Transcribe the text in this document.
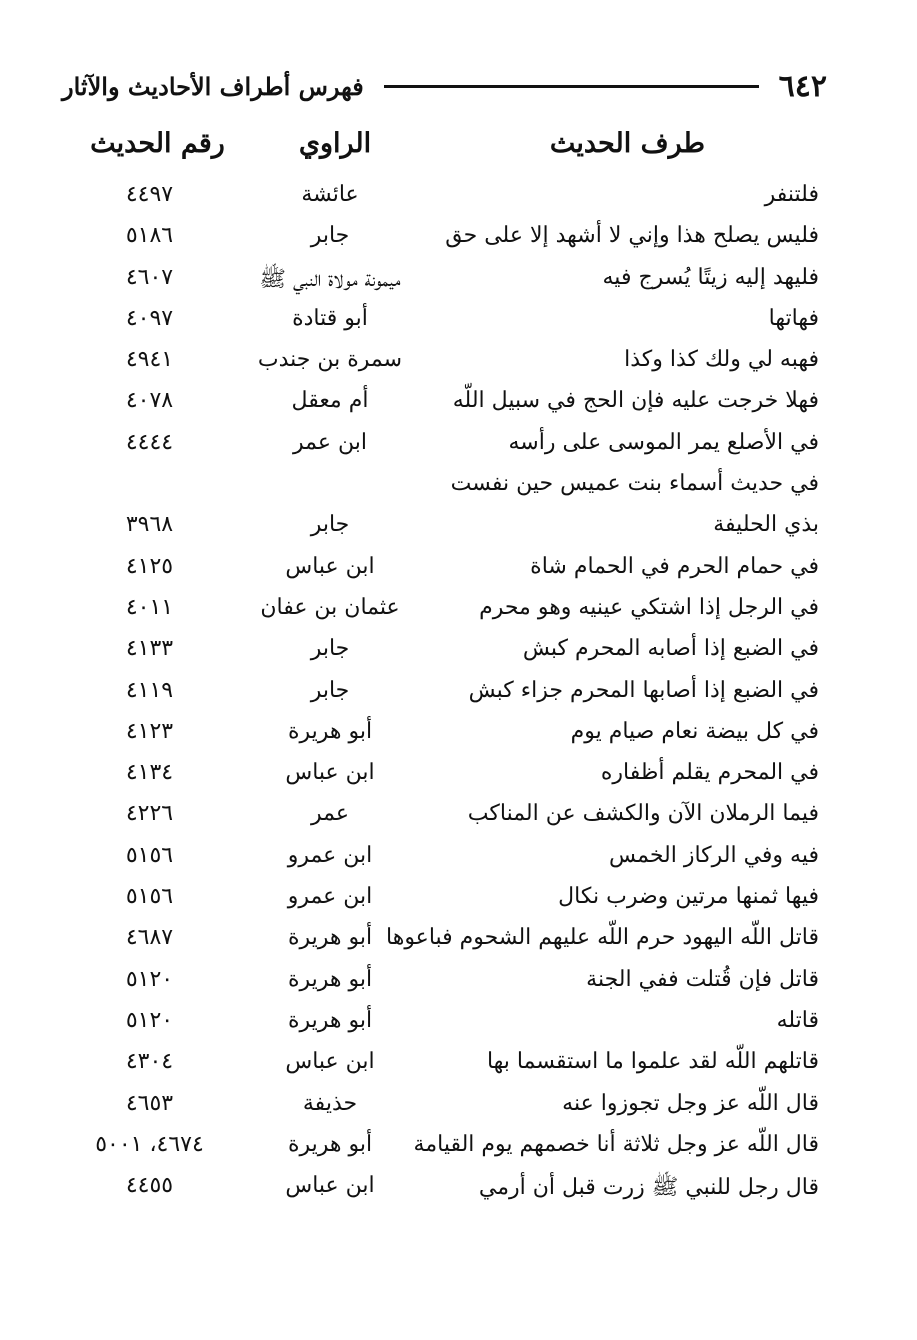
٦٤٢
فهرس أطراف الأحاديث والآثار
طرف الحديث
الراوي
رقم الحديث
فلتنفر
عائشة
٤٤٩٧
فليس يصلح هذا وإني لا أشهد إلا على حق
جابر
٥١٨٦
فليهد إليه زيتًا يُسرج فيه
ميمونة مولاة النبي ﷺ
٤٦٠٧
فهاتها
أبو قتادة
٤٠٩٧
فهبه لي ولك كذا وكذا
سمرة بن جندب
٤٩٤١
فهلا خرجت عليه فإن الحج في سبيل اللّه
أم معقل
٤٠٧٨
في الأصلع يمر الموسى على رأسه
ابن عمر
٤٤٤٤
في حديث أسماء بنت عميس حين نفست
بذي الحليفة
جابر
٣٩٦٨
في حمام الحرم في الحمام شاة
ابن عباس
٤١٢٥
في الرجل إذا اشتكي عينيه وهو محرم
عثمان بن عفان
٤٠١١
في الضبع إذا أصابه المحرم كبش
جابر
٤١٣٣
في الضبع إذا أصابها المحرم جزاء كبش
جابر
٤١١٩
في كل بيضة نعام صيام يوم
أبو هريرة
٤١٢٣
في المحرم يقلم أظفاره
ابن عباس
٤١٣٤
فيما الرملان الآن والكشف عن المناكب
عمر
٤٢٢٦
فيه وفي الركاز الخمس
ابن عمرو
٥١٥٦
فيها ثمنها مرتين وضرب نكال
ابن عمرو
٥١٥٦
قاتل اللّه اليهود حرم اللّه عليهم الشحوم فباعوها
أبو هريرة
٤٦٨٧
قاتل فإن قُتلت ففي الجنة
أبو هريرة
٥١٢٠
قاتله
أبو هريرة
٥١٢٠
قاتلهم اللّه لقد علموا ما استقسما بها
ابن عباس
٤٣٠٤
قال اللّه عز وجل تجوزوا عنه
حذيفة
٤٦٥٣
قال اللّه عز وجل ثلاثة أنا خصمهم يوم القيامة
أبو هريرة
٤٦٧٤، ٥٠٠١
قال رجل للنبي ﷺ زرت قبل أن أرمي
ابن عباس
٤٤٥٥
